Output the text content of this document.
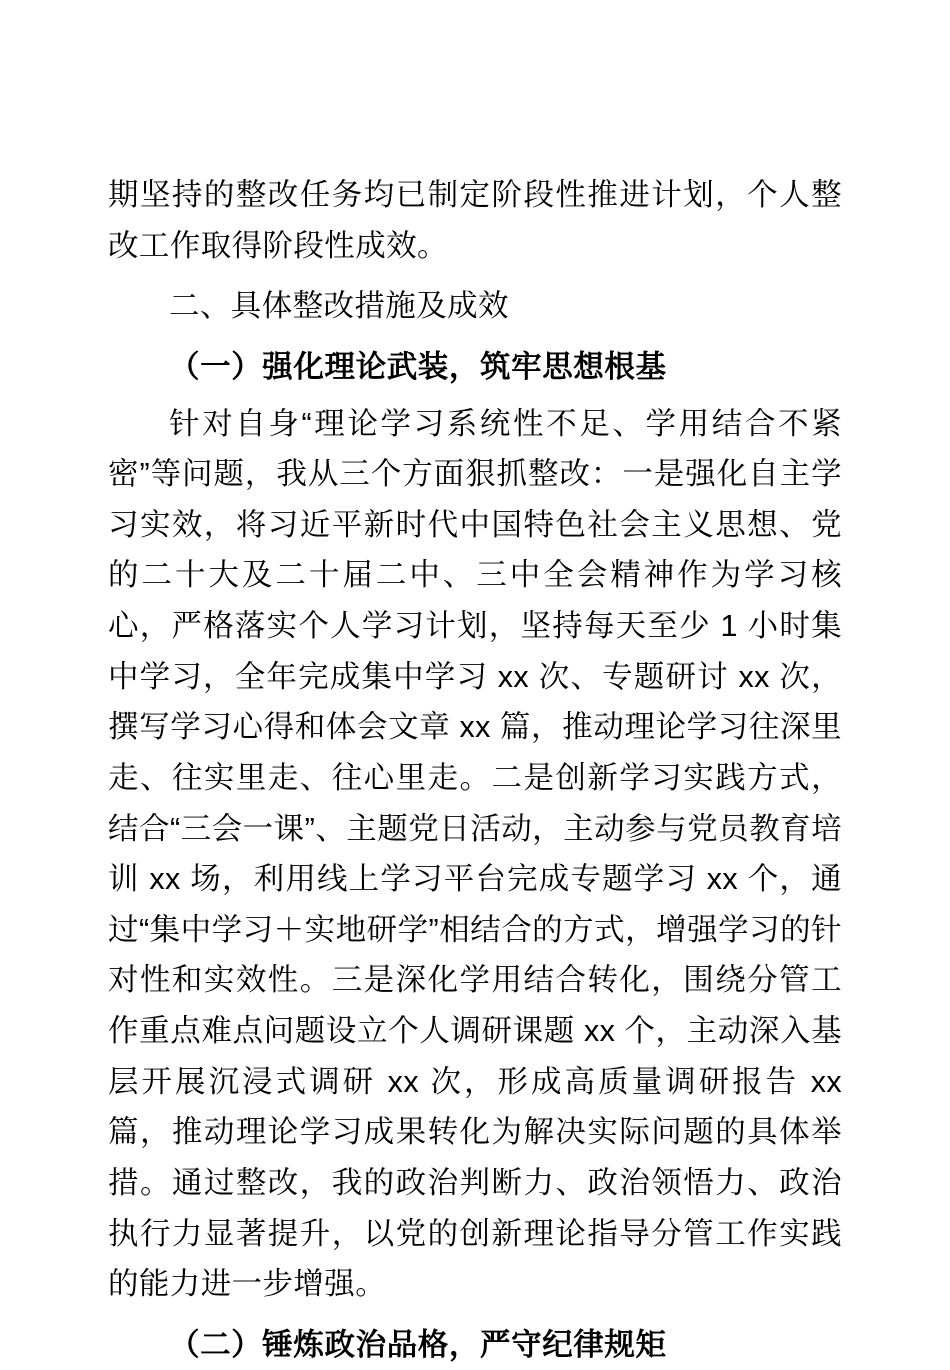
期坚持的整改任务均已制定阶段性推进计划，个人整改工作取得阶段性成效。

二、具体整改措施及成效

（一）强化理论武装，筑牢思想根基

针对自身“理论学习系统性不足、学用结合不紧密”等问题，我从三个方面狠抓整改：一是强化自主学习实效，将习近平新时代中国特色社会主义思想、党的二十大及二十届二中、三中全会精神作为学习核心，严格落实个人学习计划，坚持每天至少 1 小时集中学习，全年完成集中学习 xx 次、专题研讨 xx 次，撰写学习心得和体会文章 xx 篇，推动理论学习往深里走、往实里走、往心里走。二是创新学习实践方式，结合“三会一课”、主题党日活动，主动参与党员教育培训 xx 场，利用线上学习平台完成专题学习 xx 个，通过“集中学习＋实地研学”相结合的方式，增强学习的针对性和实效性。三是深化学用结合转化，围绕分管工作重点难点问题设立个人调研课题 xx 个，主动深入基层开展沉浸式调研 xx 次，形成高质量调研报告 xx 篇，推动理论学习成果转化为解决实际问题的具体举措。通过整改，我的政治判断力、政治领悟力、政治执行力显著提升，以党的创新理论指导分管工作实践的能力进一步增强。

（二）锤炼政治品格，严守纪律规矩
